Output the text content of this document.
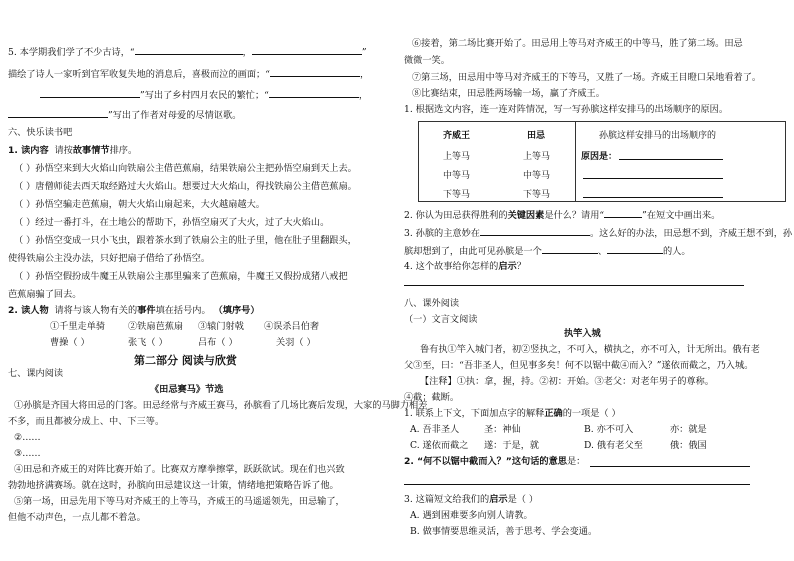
5. 本学期我们学了不少古诗，“	，	”
描绘了诗人一家听到官军收复失地的消息后，喜极而泣的画面；“	，
”写出了乡村四月农民的繁忙；“	，
”写出了作者对母爱的尽情讴歌。
六、快乐读书吧
1. 读内容 请按故事情节排序。
（ ）孙悟空来到大火焰山向铁扇公主借芭蕉扇，结果铁扇公主把孙悟空扇到天上去。
（ ）唐僧师徒去西天取经路过大火焰山。想要过大火焰山，得找铁扇公主借芭蕉扇。
（ ）孙悟空骗走芭蕉扇，朝大火焰山扇起来，大火越扇越大。
（ ）经过一番打斗，在土地公的帮助下，孙悟空扇灭了大火，过了大火焰山。
（ ）孙悟空变成一只小飞虫，跟着茶水到了铁扇公主的肚子里，他在肚子里翻跟头，
使得铁扇公主没办法，只好把扇子借给了孙悟空。
（ ）孙悟空假扮成牛魔王从铁扇公主那里骗来了芭蕉扇，牛魔王又假扮成猪八戒把
芭蕉扇骗了回去。
2. 读人物 请将与该人物有关的事件填在括号内。 （填序号）
①千里走单骑 ②铁扇芭蕉扇 ③辕门射戟 ④误杀吕伯奢
曹操（ ）	张飞（ ）	吕布（ ）	关羽（ ）
第二部分 阅读与欣赏
七、课内阅读
《田忌赛马》节选
①孙膑是齐国大将田忌的门客。田忌经常与齐威王赛马，孙膑看了几场比赛后发现，大家的马脚力相差
不多，而且都被分成上、中、下三等。
②……
③……
④田忌和齐威王的对阵比赛开始了。比赛双方摩拳擦掌，跃跃欲试。现在们也兴致
勃勃地挤满赛场。就在这时，孙膑向田忌建议这一计策，情绪地把策略告诉了他。
⑤第一场，田忌先用下等马对齐威王的上等马，齐威王的马遥遥领先，田忌输了，
但他不动声色，一点儿都不着急。
⑥接着，第二场比赛开始了。田忌用上等马对齐威王的中等马，胜了第二场。田忌
微微一笑。
⑦第三场，田忌用中等马对齐威王的下等马，又胜了一场。齐威王目瞪口呆地看着了。
⑧比赛结束，田忌胜两场输一场，赢了齐威王。
1. 根据选文内容，连一连对阵情况，写一写孙膑这样安排马的出场顺序的原因。
齐威王	田忌
上等马	上等马
中等马	中等马
下等马	下等马
孙膑这样安排马的出场顺序的
原因是：
2. 你认为田忌获得胜利的关键因素是什么？请用“	”在短文中画出来。
3. 孙膑的主意妙在	。这么好的办法，田忌想不到，齐威王想不到，孙
膑却想到了，由此可见孙膑是一个	、	的人。
4. 这个故事给你怎样的启示？
八、课外阅读
（一）文言文阅读
执竿入城
鲁有执①竿入城门者，初②竖执之，不可入，横执之，亦不可入，计无所出。俄有老
父③至，曰：“吾非圣人，但见事多矣！何不以锯中截④而入？”遂依而截之，乃入城。
【注释】①执：拿，握，持。②初：开始。③老父：对老年男子的尊称。
④截：截断。
1. 联系上下文，下面加点字的解释正确的一项是（ ）
A. 吾非圣人	圣：神仙	B. 亦不可入	亦：就是
C. 遂依而截之 遂：于是，就	D. 俄有老父至	俄：俄国
2. “何不以锯中截而入？”这句话的意思是：
3. 这篇短文给我们的启示是（ ）
A. 遇到困难要多向别人请教。
B. 做事情要思维灵活，善于思考、学会变通。
